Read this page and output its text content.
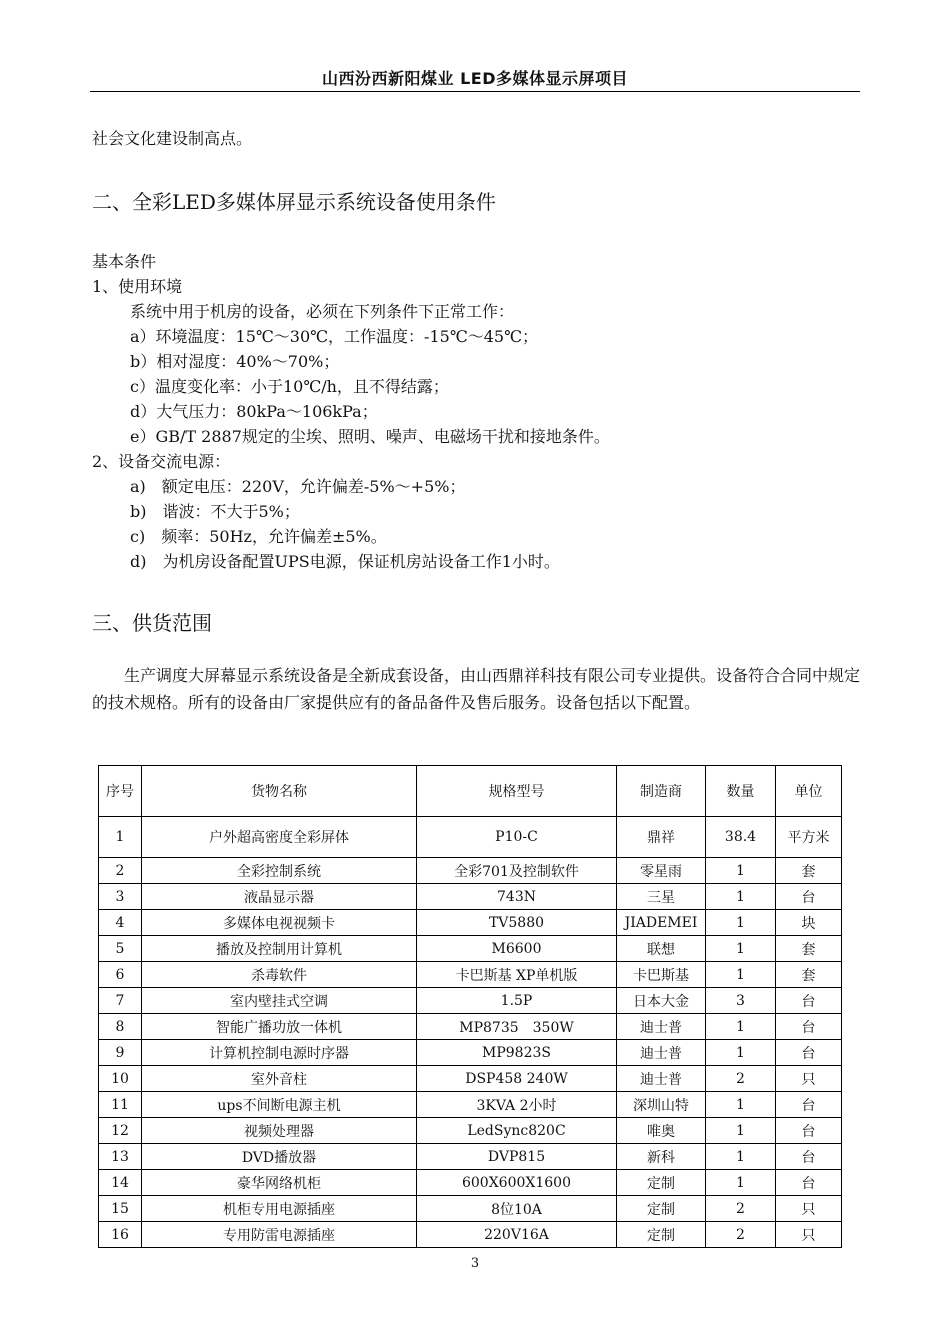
山西汾西新阳煤业 LED多媒体显示屏项目
社会文化建设制高点。
二、全彩LED多媒体屏显示系统设备使用条件
基本条件
1、使用环境
系统中用于机房的设备，必须在下列条件下正常工作：
a）环境温度：15℃～30℃，工作温度：-15℃～45℃；
b）相对湿度：40%～70%；
c）温度变化率：小于10℃/h，且不得结露；
d）大气压力：80kPa～106kPa；
e）GB/T 2887规定的尘埃、照明、噪声、电磁场干扰和接地条件。
2、设备交流电源：
a)　额定电压：220V，允许偏差-5%～+5%；
b)　谐波：不大于5%；
c)　频率：50Hz，允许偏差±5%。
d)　为机房设备配置UPS电源，保证机房站设备工作1小时。
三、供货范围
生产调度大屏幕显示系统设备是全新成套设备，由山西鼎祥科技有限公司专业提供。设备符合合同中规定的技术规格。所有的设备由厂家提供应有的备品备件及售后服务。设备包括以下配置。
序号	货物名称	规格型号	制造商	数量	单位
1	户外超高密度全彩屏体	P10-C	鼎祥	38.4	平方米
2	全彩控制系统	全彩701及控制软件	零星雨	1	套
3	液晶显示器	743N	三星	1	台
4	多媒体电视视频卡	TV5880	JIADEMEI	1	块
5	播放及控制用计算机	M6600	联想	1	套
6	杀毒软件	卡巴斯基 XP单机版	卡巴斯基	1	套
7	室内壁挂式空调	1.5P	日本大金	3	台
8	智能广播功放一体机	MP8735　350W	迪士普	1	台
9	计算机控制电源时序器	MP9823S	迪士普	1	台
10	室外音柱	DSP458 240W	迪士普	2	只
11	ups不间断电源主机	3KVA 2小时	深圳山特	1	台
12	视频处理器	LedSync820C	唯奥	1	台
13	DVD播放器	DVP815	新科	1	台
14	豪华网络机柜	600X600X1600	定制	1	台
15	机柜专用电源插座	8位10A	定制	2	只
16	专用防雷电源插座	220V16A	定制	2	只
3
